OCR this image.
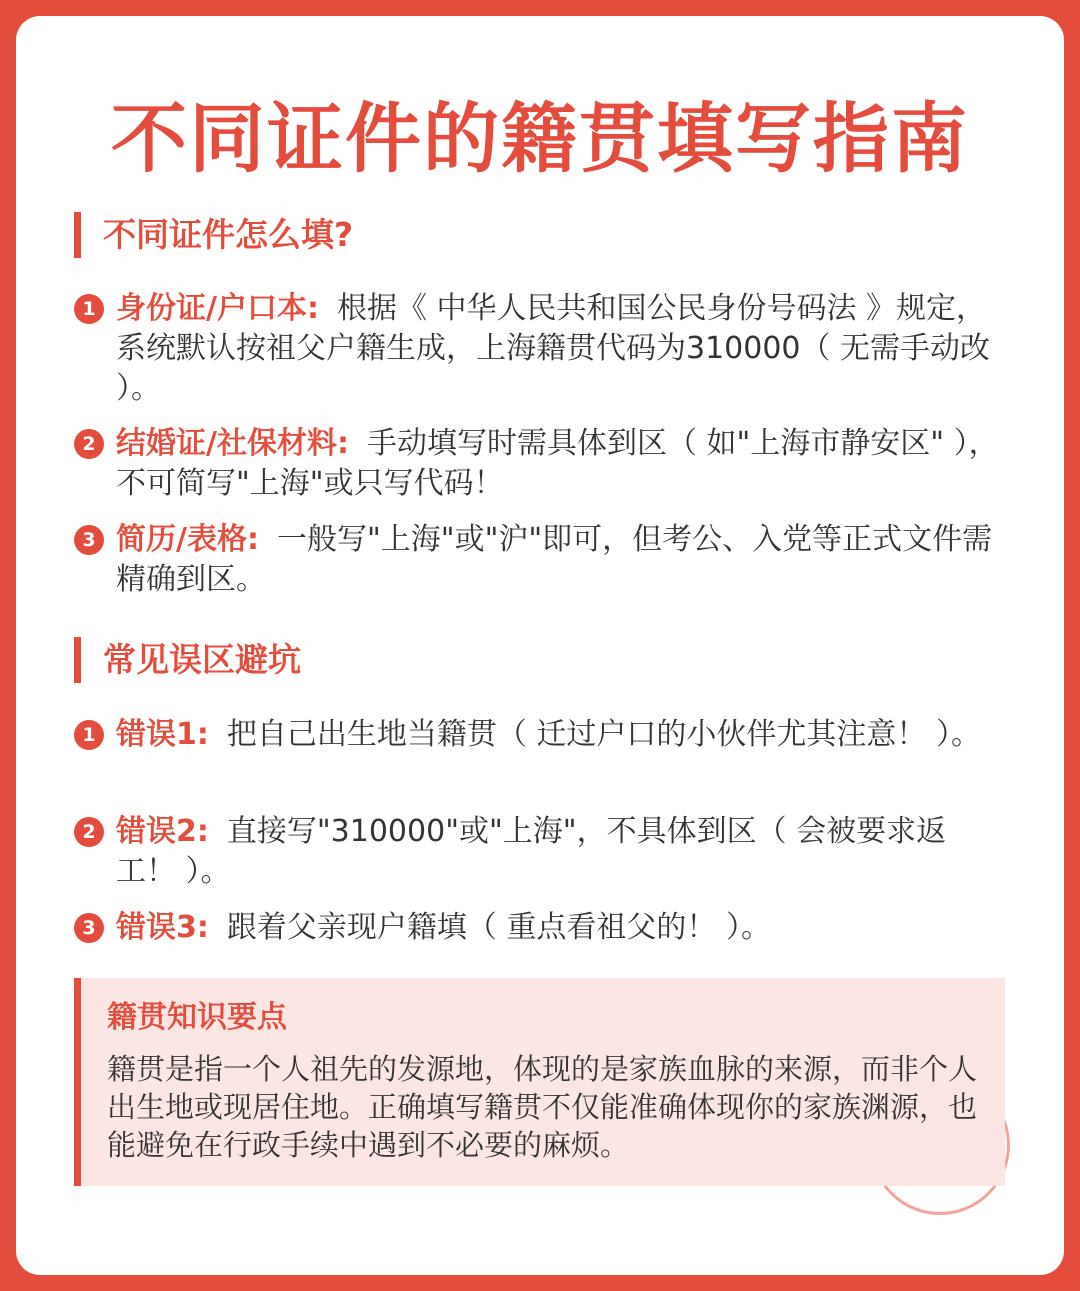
不同证件的籍贯填写指南
不同证件怎么填?
1 身份证/户口本: 根据《 中华人民共和国公民身份号码法 》规定，系统默认按祖父户籍生成，上海籍贯代码为310000（ 无需手动改 ）。
2 结婚证/社保材料: 手动填写时需具体到区（ 如"上海市静安区" ），不可简写"上海"或只写代码！
3 简历/表格: 一般写"上海"或"沪"即可，但考公、入党等正式文件需精确到区。
常见误区避坑
1 错误1: 把自己出生地当籍贯（ 迁过户口的小伙伴尤其注意！ ）。
2 错误2: 直接写"310000"或"上海"，不具体到区（ 会被要求返工！ ）。
3 错误3: 跟着父亲现户籍填（ 重点看祖父的！ ）。
籍贯知识要点
籍贯是指一个人祖先的发源地，体现的是家族血脉的来源，而非个人出生地或现居住地。正确填写籍贯不仅能准确体现你的家族渊源，也能避免在行政手续中遇到不必要的麻烦。
